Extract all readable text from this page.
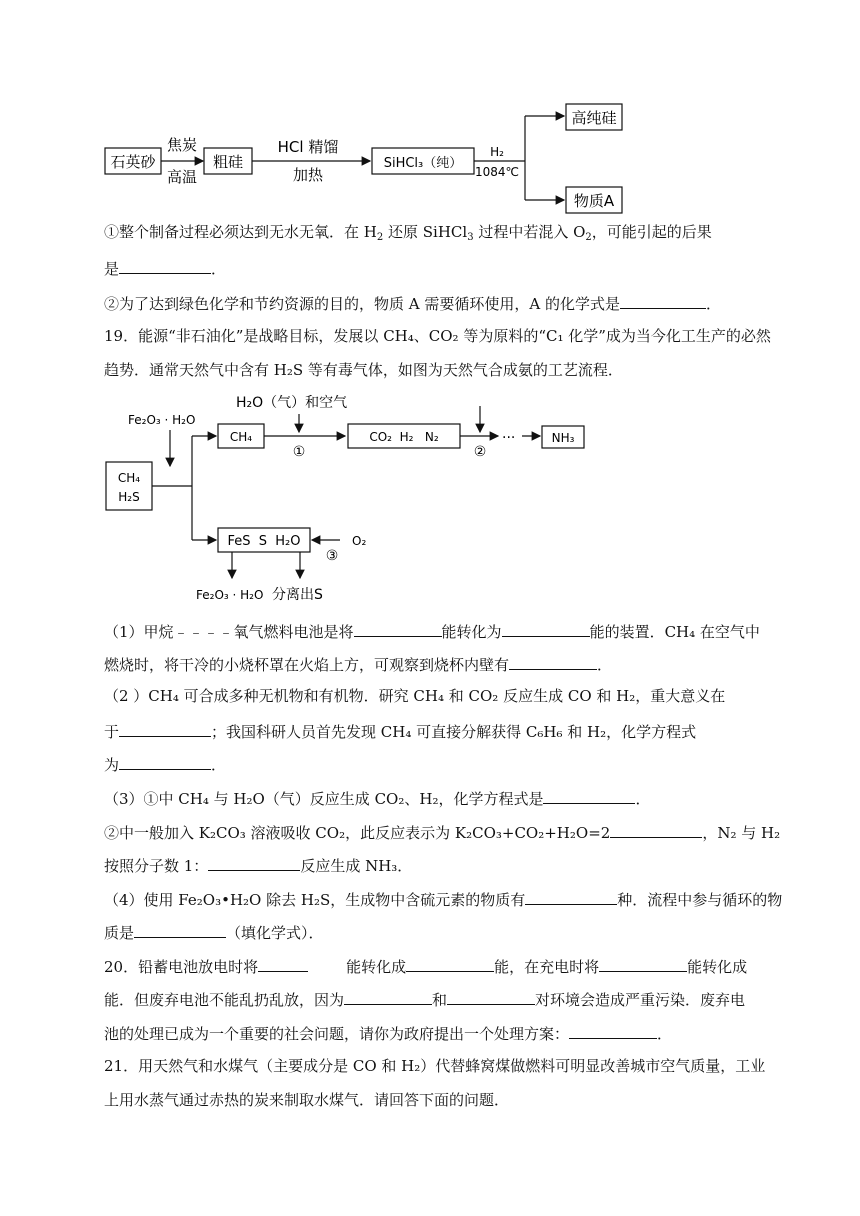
石英砂
焦炭
高温
粗硅
HCl 精馏
加热
SiHCl₃（纯）
H₂
1084℃
高纯硅
物质A
①整个制备过程必须达到无水无氧．在 $H_2$ 还原 SiHCl$_3$ 过程中若混入 $O_2$，可能引起的后果
是	．
②为了达到绿色化学和节约资源的目的，物质 A 需要循环使用，A 的化学式是	．
19．能源“非石油化”是战略目标，发展以 CH₄、CO₂ 等为原料的“C₁ 化学”成为当今化工生产的必然
趋势．通常天然气中含有 H₂S 等有毒气体，如图为天然气合成氨的工艺流程．
Fe₂O₃ · H₂O
CH₄
H₂S
CH₄
H₂O（气）和空气
①
CO₂  H₂   N₂
②
···	NH₃
FeS  S  H₂O
③
O₂
Fe₂O₃ · H₂O 分离出S
（1）甲烷﹣﹣﹣﹣氧气燃料电池是将	能转化为	能的装置．CH₄ 在空气中
燃烧时，将干冷的小烧杯罩在火焰上方，可观察到烧杯内壁有	．
（2 ）CH₄ 可合成多种无机物和有机物．研究 CH₄ 和 CO₂ 反应生成 CO 和 H₂，重大意义在
于	；我国科研人员首先发现 CH₄ 可直接分解获得 C₆H₆ 和 H₂，化学方程式
为	．
（3）①中 CH₄ 与 H₂O（气）反应生成 CO₂、H₂，化学方程式是	．
②中一般加入 K₂CO₃ 溶液吸收 CO₂，此反应表示为 K₂CO₃+CO₂+H₂O=2	，N₂ 与 H₂
按照分子数 1：	反应生成 NH₃．
（4）使用 Fe₂O₃•H₂O 除去 H₂S，生成物中含硫元素的物质有	种．流程中参与循环的物
质是	（填化学式）．
20．铅蓄电池放电时将	能转化成	能，在充电时将	能转化成
能．但废弃电池不能乱扔乱放，因为	和	对环境会造成严重污染．废弃电
池的处理已成为一个重要的社会问题，请你为政府提出一个处理方案：	．
21．用天然气和水煤气（主要成分是 CO 和 H₂）代替蜂窝煤做燃料可明显改善城市空气质量，工业
上用水蒸气通过赤热的炭来制取水煤气．请回答下面的问题．
